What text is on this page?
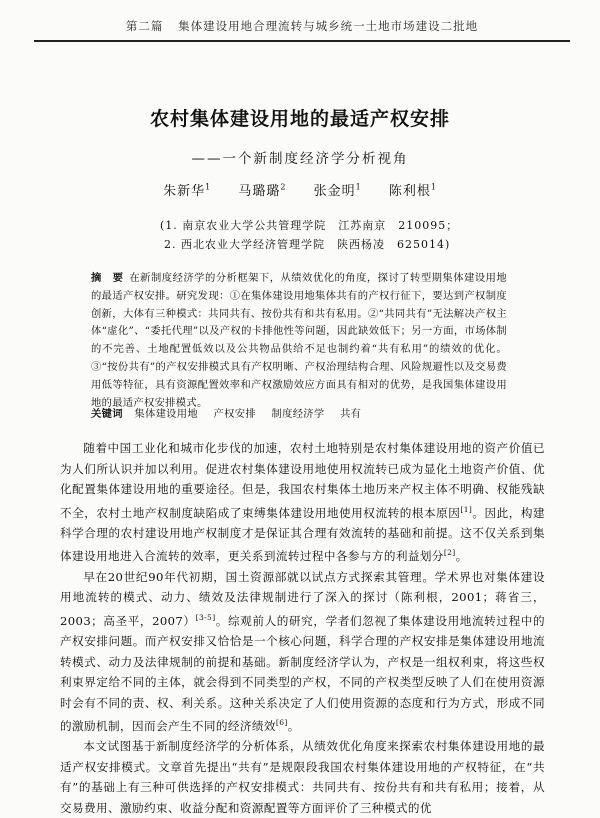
第二篇 集体建设用地合理流转与城乡统一土地市场建设二批地
农村集体建设用地的最适产权安排
——一个新制度经济学分析视角
朱新华$^1$ 马璐璐$^2$ 张金明$^1$ 陈利根$^1$
(1. 南京农业大学公共管理学院　江苏南京　210095；
2. 西北农业大学经济管理学院　陕西杨凌　625014)
摘　要 在新制度经济学的分析框架下，从绩效优化的角度，探讨了转型期集体建设用地的最适产权安排。研究发现：①在集体建设用地集体共有的产权行征下，要达到产权制度创新，大体有三种模式：共同共有、按份共有和共有私用。②“共同共有”无法解决产权主体“虚化”、“委托代理”以及产权的卡排他性等问题，因此缺效低下；另一方面，市场体制的不完善、土地配置低效以及公共物品供给不足也制约着“共有私用”的绩效的优化。③“按份共有”的产权安排模式具有产权明晰、产权治理结构合理、风险规避性以及交易费用低等特征，具有资源配置效率和产权激励效应方面具有相对的优势，是我国集体建设用地的最适产权安排模式。
关键词 集体建设用地 产权安排 制度经济学 共有

随着中国工业化和城市化步伐的加速，农村土地特别是农村集体建设用地的资产价值已为人们所认识并加以利用。促进农村集体建设用地使用权流转已成为显化土地资产价值、优化配置集体建设用地的重要途径。但是，我国农村集体土地历来产权主体不明确、权能残缺不全，农村土地产权制度缺陷成了束缚集体建设用地使用权流转的根本原因[1]。因此，构建科学合理的农村建设用地产权制度才是保证其合理有效流转的基础和前提。这不仅关系到集体建设用地进入合流转的效率，更关系到流转过程中各参与方的利益划分[2]。

早在20世纪90年代初期，国土资源部就以试点方式探索其管理。学术界也对集体建设用地流转的模式、动力、绩效及法律规制进行了深入的探讨（陈利根，2001；蒋省三，2003；高圣平，2007）[3-5]。综观前人的研究，学者们忽视了集体建设用地流转过程中的产权安排问题。而产权安排又恰恰是一个核心问题，科学合理的产权安排是集体建设用地流转模式、动力及法律规制的前提和基础。新制度经济学认为，产权是一组权利束，将这些权利束界定给不同的主体，就会得到不同类型的产权，不同的产权类型反映了人们在使用资源时会有不同的责、权、利关系。这种关系决定了人们使用资源的态度和行为方式，形成不同的激励机制，因而会产生不同的经济绩效[6]。

本文试图基于新制度经济学的分析体系，从绩效优化角度来探索农村集体建设用地的最适产权安排模式。文章首先提出“共有”是规限段我国农村集体建设用地的产权特征，在“共有”的基础上有三种可供选择的产权安排模式：共同共有、按份共有和共有私用；接着，从交易费用、激励约束、收益分配和资源配置等方面评价了三种模式的优
